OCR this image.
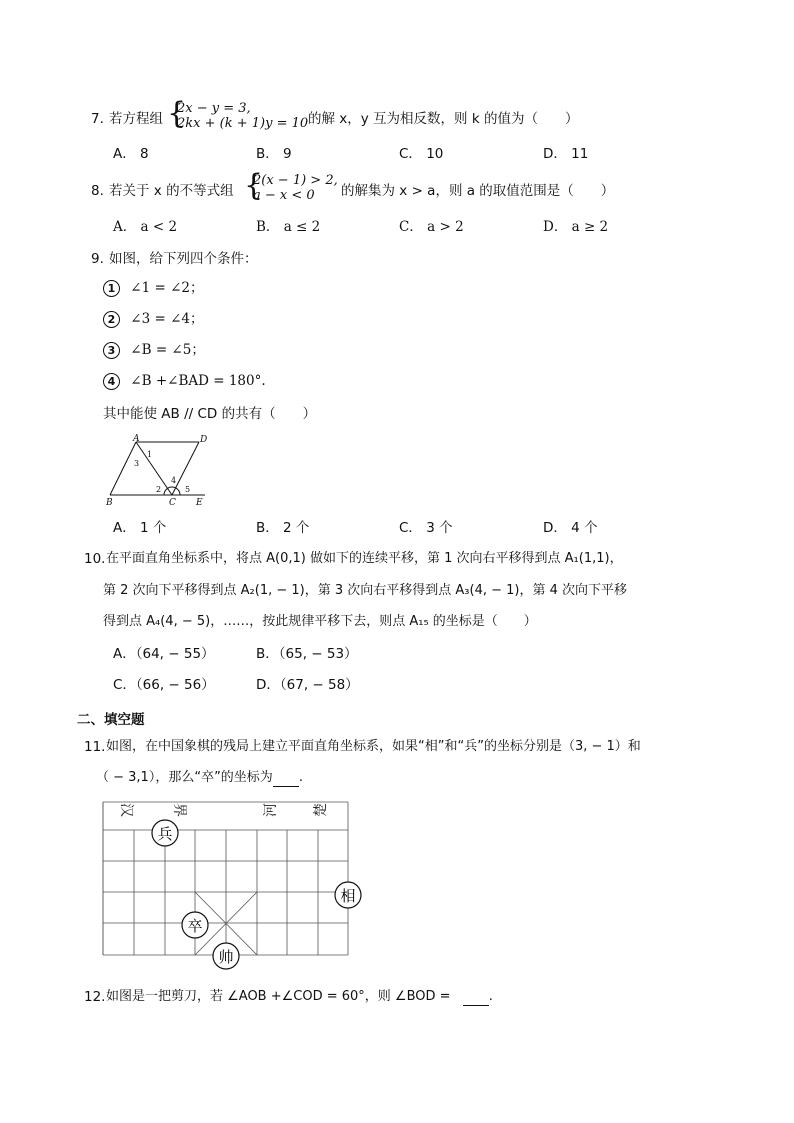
7. 若方程组 {
2x − y = 3,
2kx + (k + 1)y = 10 的解 x，y 互为相反数，则 k 的值为（　　）
A． 8	B． 9	C． 10	D． 11
8. 若关于 x 的不等式组 {
2(x − 1) > 2,
a − x < 0 的解集为 x > a，则 a 的取值范围是（　　）
A． a < 2	B． a ≤ 2	C． a > 2	D． a ≥ 2
9. 如图，给下列四个条件：
1 ∠1 = ∠2；
2 ∠3 = ∠4；
3 ∠B = ∠5；
4 ∠B +∠BAD = 180°.
其中能使 AB // CD 的共有（　　）
A	D
B	C E
1
2
3
4
5
A． 1 个	B． 2 个	C． 3 个	D． 4 个
10. 在平面直角坐标系中，将点 A(0,1) 做如下的连续平移，第 1 次向右平移得到点 A₁(1,1)，
第 2 次向下平移得到点 A₂(1, − 1)，第 3 次向右平移得到点 A₃(4, − 1)，第 4 次向下平移
得到点 A₄(4, − 5)，……，按此规律平移下去，则点 A₁₅ 的坐标是（　　）
A．（64, − 55）	B．（65, − 53）
C．（66, − 56）	D．（67, − 58）
二、填空题
11. 如图，在中国象棋的残局上建立平面直角坐标系，如果“相”和“兵”的坐标分别是（3, − 1）和
（ − 3,1），那么“卒”的坐标为 .
汉	界	河 楚
兵
相
卒
帅
12. 如图是一把剪刀，若 ∠AOB +∠COD = 60°，则 ∠BOD =	.
